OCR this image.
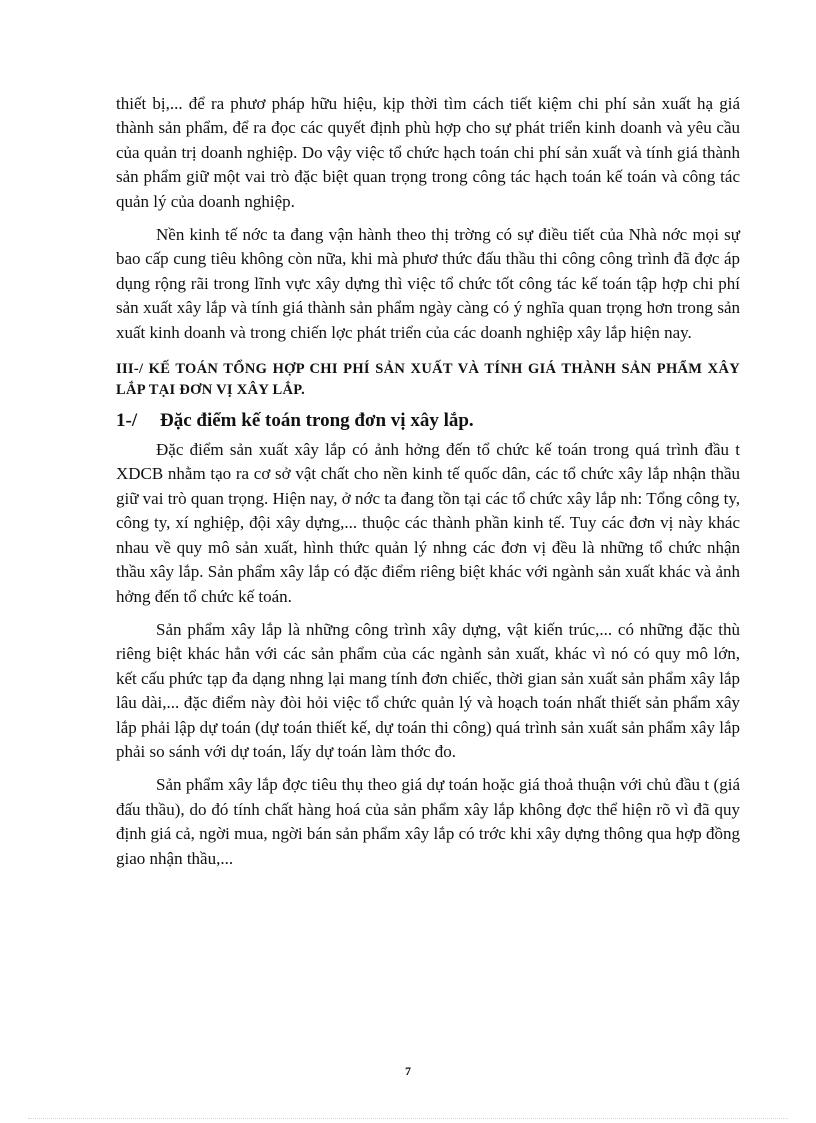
thiết bị,... để ra phươ pháp hữu hiệu, kịp thời tìm cách tiết kiệm chi phí sản xuất hạ giá thành sản phẩm, để ra đọc các quyết định phù hợp cho sự phát triển kinh doanh và yêu cầu của quản trị doanh nghiệp. Do vậy việc tổ chức hạch toán chi phí sản xuất và tính giá thành sản phẩm giữ một vai trò đặc biệt quan trọng trong công tác hạch toán kế toán và công tác quản lý của doanh nghiệp.

Nền kinh tế nớc ta đang vận hành theo thị trờng có sự điều tiết của Nhà nớc mọi sự bao cấp cung tiêu không còn nữa, khi mà phươ thức đấu thầu thi công công trình đã đợc áp dụng rộng rãi trong lĩnh vực xây dựng thì việc tổ chức tốt công tác kế toán tập hợp chi phí sản xuất xây lắp và tính giá thành sản phẩm ngày càng có ý nghĩa quan trọng hơn trong sản xuất kinh doanh và trong chiến lợc phát triển của các doanh nghiệp xây lắp hiện nay.

III-/ KẾ TOÁN TỔNG HỢP CHI PHÍ SẢN XUẤT VÀ TÍNH GIÁ THÀNH SẢN PHẨM XÂY LẮP TẠI ĐƠN VỊ XÂY LẮP.
1-/ Đặc điểm kế toán trong đơn vị xây lắp.

Đặc điểm sản xuất xây lắp có ảnh hởng đến tổ chức kế toán trong quá trình đầu t XDCB nhằm tạo ra cơ sở vật chất cho nền kinh tế quốc dân, các tổ chức xây lắp nhận thầu giữ vai trò quan trọng. Hiện nay, ở nớc ta đang tồn tại các tổ chức xây lắp nh: Tổng công ty, công ty, xí nghiệp, đội xây dựng,... thuộc các thành phần kinh tế. Tuy các đơn vị này khác nhau về quy mô sản xuất, hình thức quản lý nhng các đơn vị đều là những tổ chức nhận thầu xây lắp. Sản phẩm xây lắp có đặc điểm riêng biệt khác với ngành sản xuất khác và ảnh hởng đến tổ chức kế toán.

Sản phẩm xây lắp là những công trình xây dựng, vật kiến trúc,... có những đặc thù riêng biệt khác hẳn với các sản phẩm của các ngành sản xuất, khác vì nó có quy mô lớn, kết cấu phức tạp đa dạng nhng lại mang tính đơn chiếc, thời gian sản xuất sản phẩm xây lắp lâu dài,... đặc điểm này đòi hỏi việc tổ chức quản lý và hoạch toán nhất thiết sản phẩm xây lắp phải lập dự toán (dự toán thiết kế, dự toán thi công) quá trình sản xuất sản phẩm xây lắp phải so sánh với dự toán, lấy dự toán làm thớc đo.

Sản phẩm xây lắp đợc tiêu thụ theo giá dự toán hoặc giá thoả thuận với chủ đầu t (giá đấu thầu), do đó tính chất hàng hoá của sản phẩm xây lắp không đợc thể hiện rõ vì đã quy định giá cả, ngời mua, ngời bán sản phẩm xây lắp có trớc khi xây dựng thông qua hợp đồng giao nhận thầu,...

7
